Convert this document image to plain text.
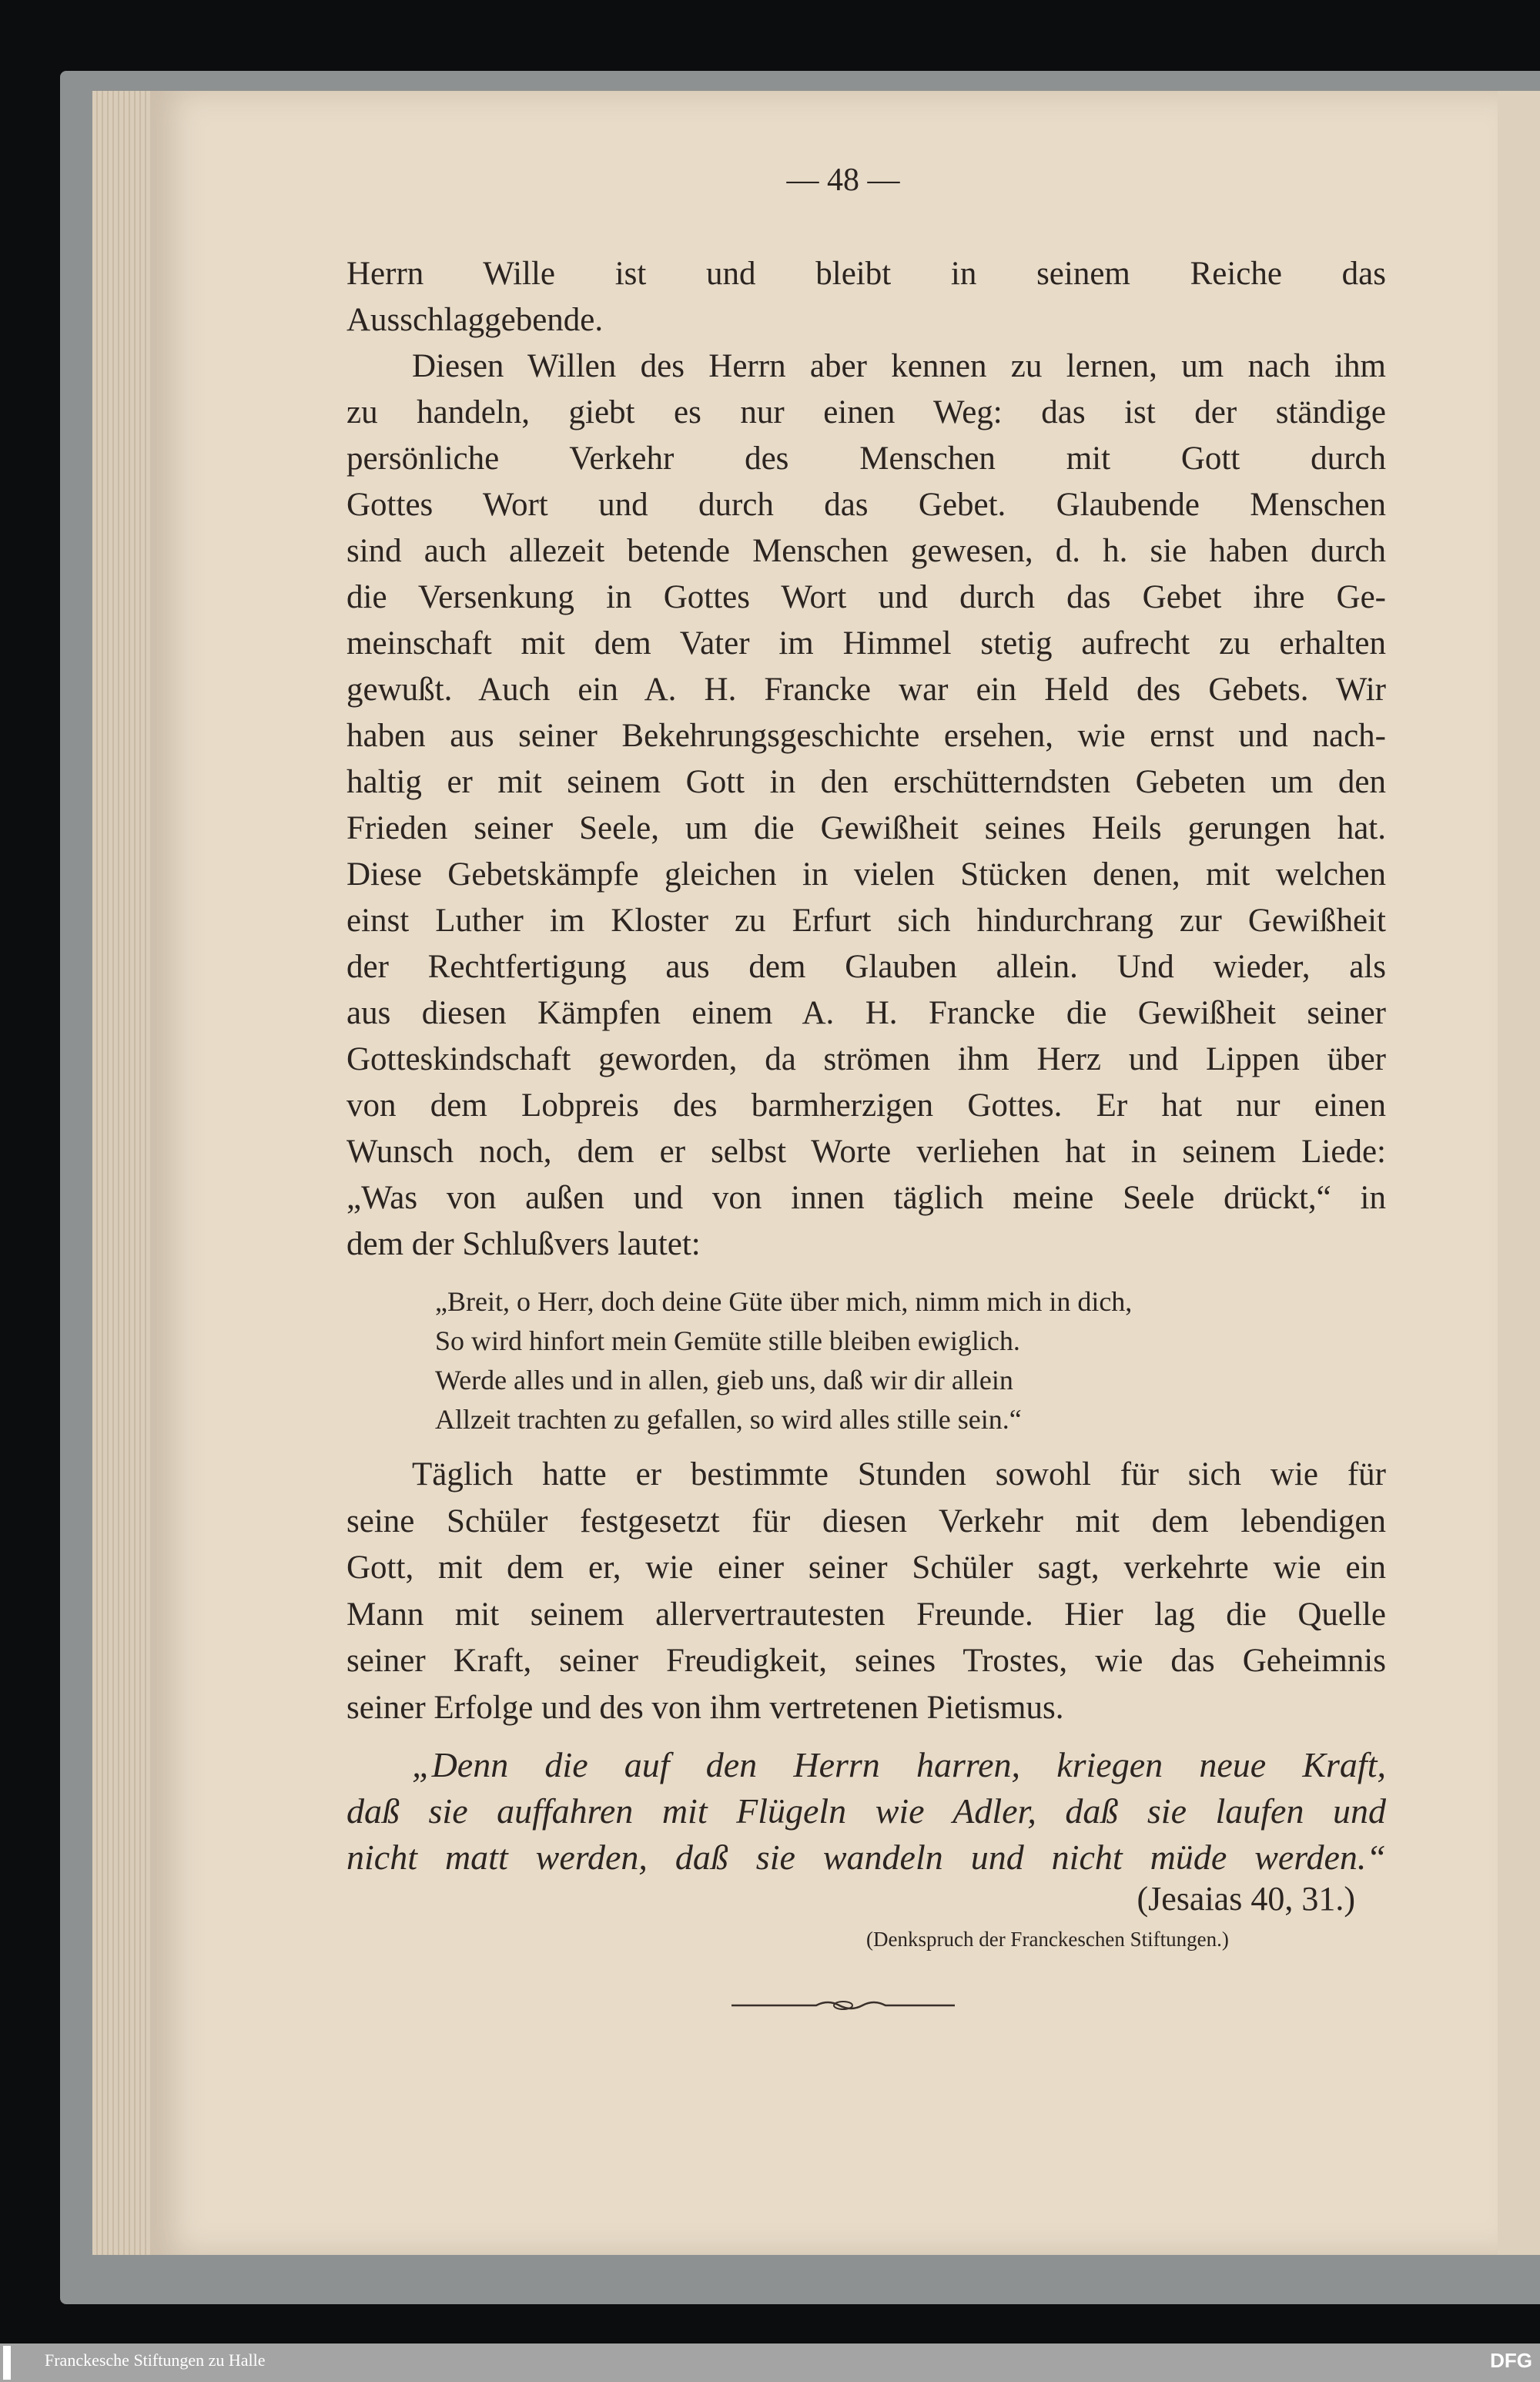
— 48 —
Herrn Wille ist und bleibt in seinem Reiche das
Ausschlaggebende.
Diesen Willen des Herrn aber kennen zu lernen, um nach ihm
zu handeln, giebt es nur einen Weg: das ist der ständige
persönliche Verkehr des Menschen mit Gott durch
Gottes Wort und durch das Gebet. Glaubende Menschen
sind auch allezeit betende Menschen gewesen, d. h. sie haben durch
die Versenkung in Gottes Wort und durch das Gebet ihre Ge-
meinschaft mit dem Vater im Himmel stetig aufrecht zu erhalten
gewußt. Auch ein A. H. Francke war ein Held des Gebets. Wir
haben aus seiner Bekehrungsgeschichte ersehen, wie ernst und nach-
haltig er mit seinem Gott in den erschütterndsten Gebeten um den
Frieden seiner Seele, um die Gewißheit seines Heils gerungen hat.
Diese Gebetskämpfe gleichen in vielen Stücken denen, mit welchen
einst Luther im Kloster zu Erfurt sich hindurchrang zur Gewißheit
der Rechtfertigung aus dem Glauben allein. Und wieder, als
aus diesen Kämpfen einem A. H. Francke die Gewißheit seiner
Gotteskindschaft geworden, da strömen ihm Herz und Lippen über
von dem Lobpreis des barmherzigen Gottes. Er hat nur einen
Wunsch noch, dem er selbst Worte verliehen hat in seinem Liede:
„Was von außen und von innen täglich meine Seele drückt,“ in
dem der Schlußvers lautet:
„Breit, o Herr, doch deine Güte über mich, nimm mich in dich,
So wird hinfort mein Gemüte stille bleiben ewiglich.
Werde alles und in allen, gieb uns, daß wir dir allein
Allzeit trachten zu gefallen, so wird alles stille sein.“
Täglich hatte er bestimmte Stunden sowohl für sich wie für
seine Schüler festgesetzt für diesen Verkehr mit dem lebendigen
Gott, mit dem er, wie einer seiner Schüler sagt, verkehrte wie ein
Mann mit seinem allervertrautesten Freunde. Hier lag die Quelle
seiner Kraft, seiner Freudigkeit, seines Trostes, wie das Geheimnis
seiner Erfolge und des von ihm vertretenen Pietismus.
„Denn die auf den Herrn harren, kriegen neue Kraft,
daß sie auffahren mit Flügeln wie Adler, daß sie laufen und
nicht matt werden, daß sie wandeln und nicht müde werden.“
(Jesaias 40, 31.)
(Denkspruch der Franckeschen Stiftungen.)
Franckesche Stiftungen zu Halle	DFG
